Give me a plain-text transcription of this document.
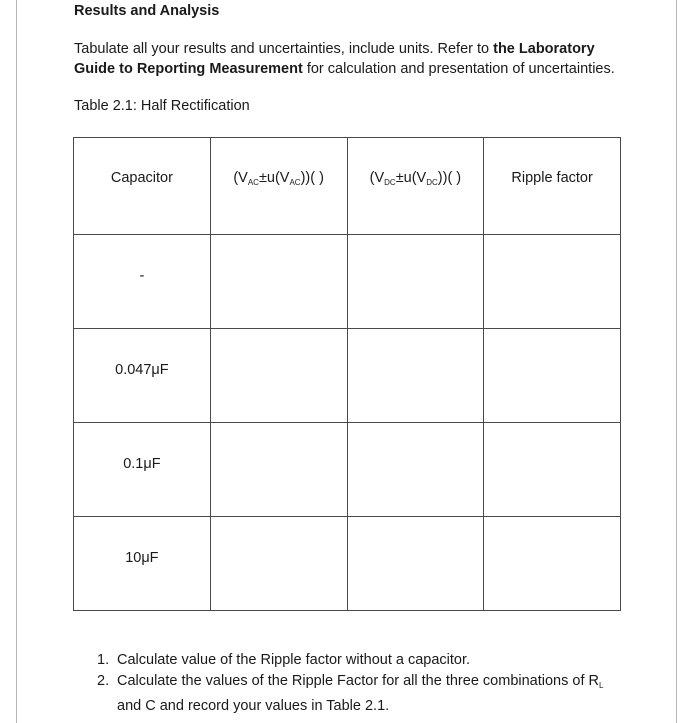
Results and Analysis
Tabulate all your results and uncertainties, include units. Refer to the Laboratory Guide to Reporting Measurement for calculation and presentation of uncertainties.
Table 2.1: Half Rectification
Capacitor	$(V_{AC}\pm u(V_{AC}))$( )	$(V_{DC}\pm u(V_{DC}))$( )	Ripple factor

-			

0.047μF			

0.1μF			

10μF			

1. Calculate value of the Ripple factor without a capacitor.
2. Calculate the values of the Ripple Factor for all the three combinations of $R_L$
and C and record your values in Table 2.1.
